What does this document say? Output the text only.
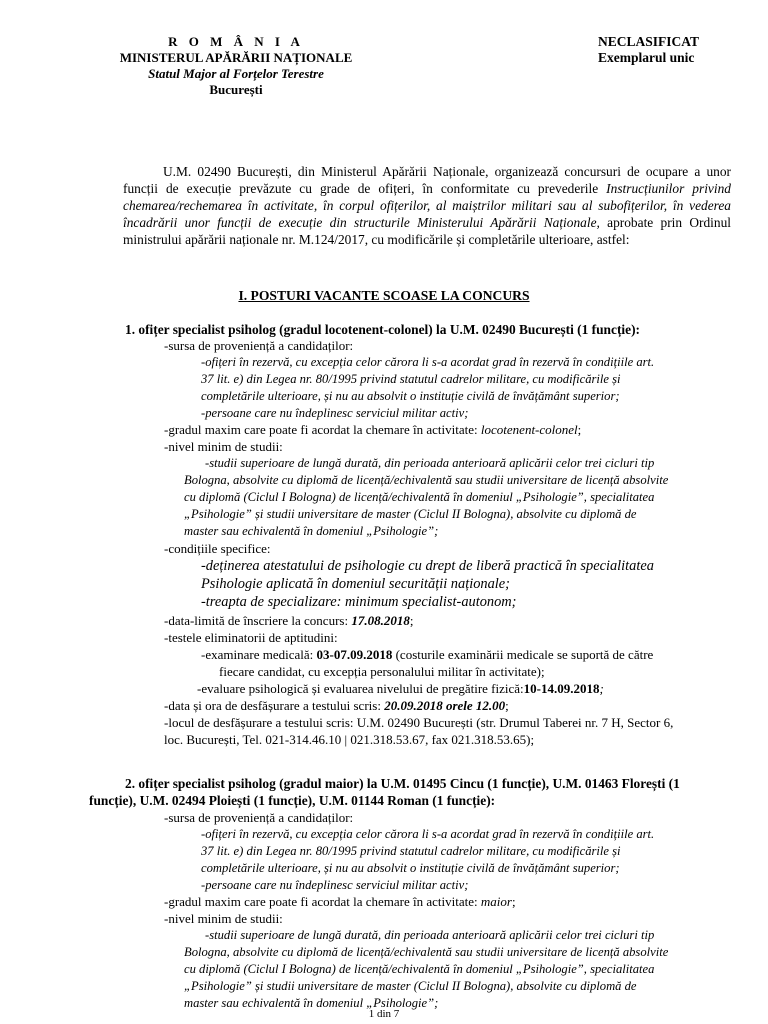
R O M Â N I A
MINISTERUL APĂRĂRII NAȚIONALE
Statul Major al Forțelor Terestre
București
NECLASIFICAT
Exemplarul unic
U.M. 02490 București, din Ministerul Apărării Naționale, organizează concursuri de ocupare a unor funcții de execuție prevăzute cu grade de ofițeri, în conformitate cu prevederile Instrucțiunilor privind chemarea/rechemarea în activitate, în corpul ofițerilor, al maiștrilor militari sau al subofițerilor, în vederea încadrării unor funcții de execuție din structurile Ministerului Apărării Naționale, aprobate prin Ordinul ministrului apărării naționale nr. M.124/2017, cu modificările și completările ulterioare, astfel:
I. POSTURI VACANTE SCOASE LA CONCURS
1. ofițer specialist psiholog (gradul locotenent-colonel) la U.M. 02490 București (1 funcție):
-sursa de proveniență a candidaților:
-ofițeri în rezervă, cu excepția celor cărora li s-a acordat grad în rezervă în condițiile art.
37 lit. e) din Legea nr. 80/1995 privind statutul cadrelor militare, cu modificările și
completările ulterioare, și nu au absolvit o instituție civilă de învățământ superior;
-persoane care nu îndeplinesc serviciul militar activ;
-gradul maxim care poate fi acordat la chemare în activitate: locotenent-colonel;
-nivel minim de studii:
-studii superioare de lungă durată, din perioada anterioară aplicării celor trei cicluri tip
Bologna, absolvite cu diplomă de licență/echivalentă sau studii universitare de licență absolvite
cu diplomă (Ciclul I Bologna) de licență/echivalentă în domeniul „Psihologie”, specialitatea
„Psihologie” și studii universitare de master (Ciclul II Bologna), absolvite cu diplomă de
master sau echivalentă în domeniul „Psihologie”;
-condițiile specifice:
-deținerea atestatului de psihologie cu drept de liberă practică în specialitatea
Psihologie aplicată în domeniul securității naționale;
-treapta de specializare: minimum specialist-autonom;
-data-limită de înscriere la concurs: 17.08.2018;
-testele eliminatorii de aptitudini:
-examinare medicală: 03-07.09.2018 (costurile examinării medicale se suportă de către
fiecare candidat, cu excepția personalului militar în activitate);
-evaluare psihologică și evaluarea nivelului de pregătire fizică:10-14.09.2018;
-data și ora de desfășurare a testului scris: 20.09.2018 orele 12.00;
-locul de desfășurare a testului scris: U.M. 02490 București (str. Drumul Taberei nr. 7 H, Sector 6,
loc. București, Tel. 021-314.46.10 | 021.318.53.67, fax 021.318.53.65);
2. ofițer specialist psiholog (gradul maior) la U.M. 01495 Cincu (1 funcție), U.M. 01463 Florești (1
funcție), U.M. 02494 Ploiești (1 funcție), U.M. 01144 Roman (1 funcție):
-sursa de proveniență a candidaților:
-ofițeri în rezervă, cu excepția celor cărora li s-a acordat grad în rezervă în condițiile art.
37 lit. e) din Legea nr. 80/1995 privind statutul cadrelor militare, cu modificările și
completările ulterioare, și nu au absolvit o instituție civilă de învățământ superior;
-persoane care nu îndeplinesc serviciul militar activ;
-gradul maxim care poate fi acordat la chemare în activitate: maior;
-nivel minim de studii:
-studii superioare de lungă durată, din perioada anterioară aplicării celor trei cicluri tip
Bologna, absolvite cu diplomă de licență/echivalentă sau studii universitare de licență absolvite
cu diplomă (Ciclul I Bologna) de licență/echivalentă în domeniul „Psihologie”, specialitatea
„Psihologie” și studii universitare de master (Ciclul II Bologna), absolvite cu diplomă de
master sau echivalentă în domeniul „Psihologie”;
1 din 7
